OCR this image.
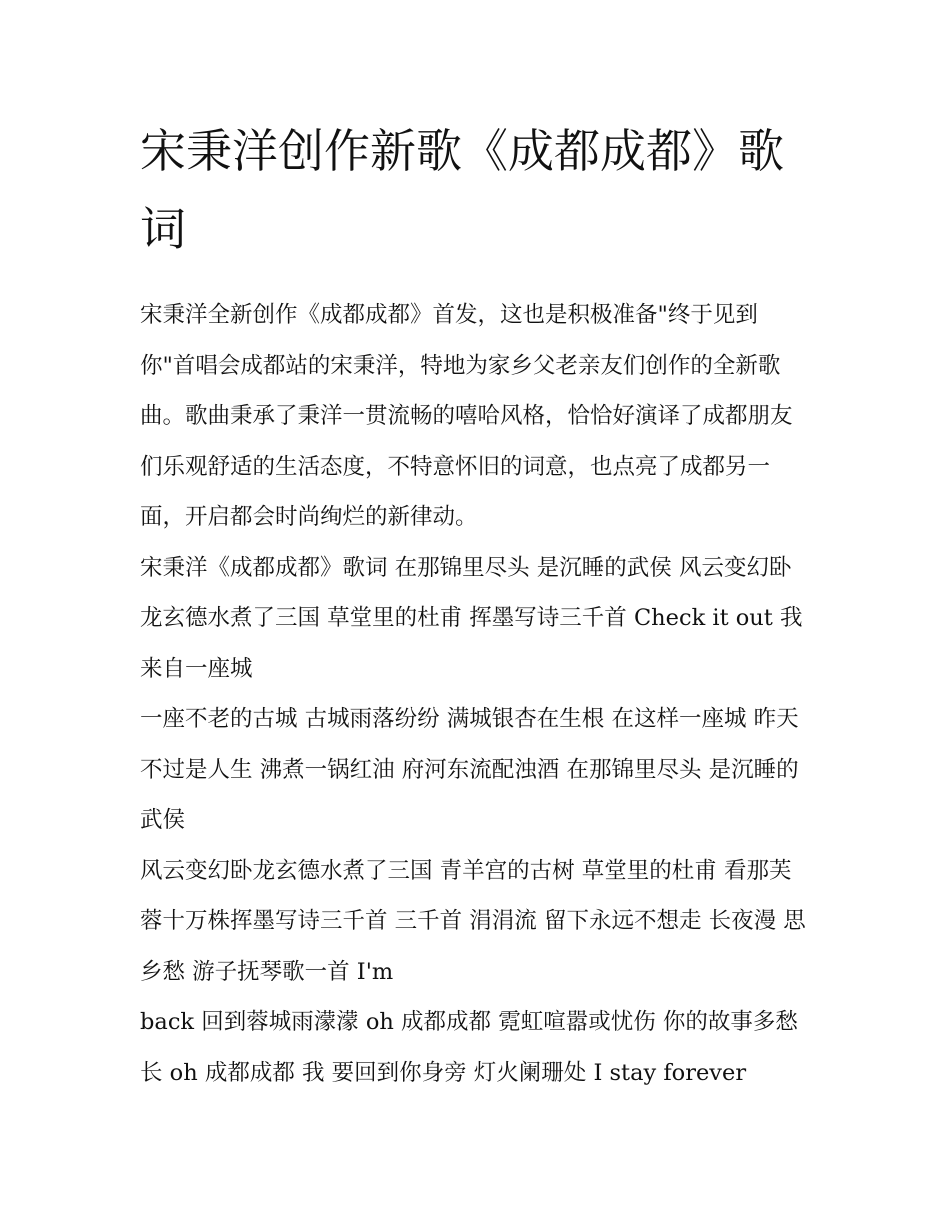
宋秉洋创作新歌《成都成都》歌词

宋秉洋全新创作《成都成都》首发，这也是积极准备"终于见到你"首唱会成都站的宋秉洋，特地为家乡父老亲友们创作的全新歌曲。歌曲秉承了秉洋一贯流畅的嘻哈风格，恰恰好演译了成都朋友们乐观舒适的生活态度，不特意怀旧的词意，也点亮了成都另一面，开启都会时尚绚烂的新律动。

宋秉洋《成都成都》歌词 在那锦里尽头 是沉睡的武侯 风云变幻卧龙玄德水煮了三国 草堂里的杜甫 挥墨写诗三千首 Check it out 我来自一座城

一座不老的古城 古城雨落纷纷 满城银杏在生根 在这样一座城 昨天不过是人生 沸煮一锅红油 府河东流配浊酒 在那锦里尽头 是沉睡的武侯

风云变幻卧龙玄德水煮了三国 青羊宫的古树 草堂里的杜甫 看那芙蓉十万株挥墨写诗三千首 三千首 涓涓流 留下永远不想走 长夜漫 思乡愁 游子抚琴歌一首 I'm

back 回到蓉城雨濛濛 oh 成都成都 霓虹喧嚣或忧伤 你的故事多愁长 oh 成都成都 我 要回到你身旁 灯火阑珊处 I stay forever
